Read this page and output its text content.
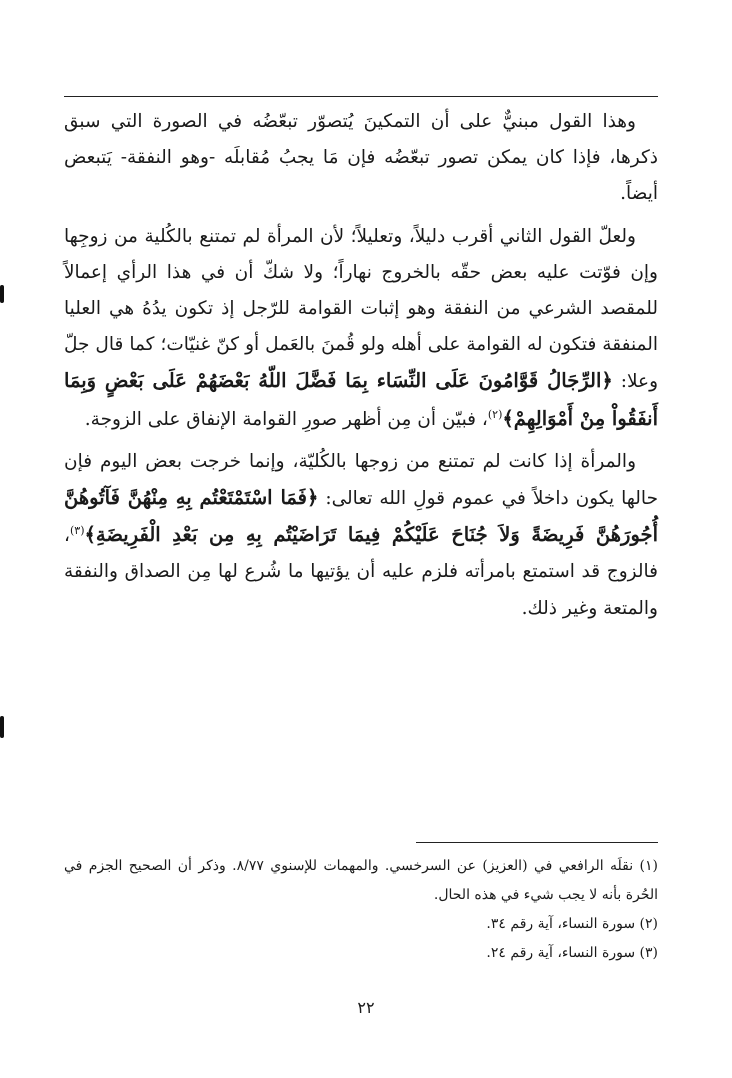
وهذا القول مبنيٌّ على أن التمكينَ يُتصوّر تبعّضُه في الصورة التي سبق ذكرها، فإذا كان يمكن تصور تبعّضُه فإن مَا يجبُ مُقابلَه -وهو النفقة- يَتبعض أيضاً.

ولعلّ القول الثاني أقرب دليلاً، وتعليلاً؛ لأن المرأة لم تمتنع بالكُلية من زوجِها وإن فوّتت عليه بعض حقّه بالخروج نهاراً؛ ولا شكّ أن في هذا الرأي إعمالاً للمقصد الشرعي من النفقة وهو إثبات القوامة للرّجل إذ تكون يدُهُ هي العليا المنفقة فتكون له القوامة على أهله ولو قُمنَ بالعَمل أو كنّ غنيّات؛ كما قال جلّ وعلا: ﴿الرِّجَالُ قَوَّامُونَ عَلَى النِّسَاء بِمَا فَضَّلَ اللّهُ بَعْضَهُمْ عَلَى بَعْضٍ وَبِمَا أَنفَقُواْ مِنْ أَمْوَالِهِمْ﴾$^{(٢)}$، فبيّن أن مِن أظهر صورِ القوامة الإنفاق على الزوجة.

والمرأة إذا كانت لم تمتنع من زوجها بالكُليّة، وإنما خرجت بعض اليوم فإن حالها يكون داخلاً في عموم قولِ الله تعالى: ﴿فَمَا اسْتَمْتَعْتُم بِهِ مِنْهُنَّ فَآتُوهُنَّ أُجُورَهُنَّ فَرِيضَةً وَلاَ جُنَاحَ عَلَيْكُمْ فِيمَا تَرَاضَيْتُم بِهِ مِن بَعْدِ الْفَرِيضَةِ﴾$^{(٣)}$، فالزوج قد استمتع بامرأته فلزم عليه أن يؤتيها ما شُرع لها مِن الصداق والنفقة والمتعة وغير ذلك.

(١) نقلَه الرافعي في (العزيز) عن السرخسي. والمهمات للإسنوي ٨/٧٧. وذكر أن الصحيح الجزم في الحُرة بأنه لا يجب شيء في هذه الحال.

(٢) سورة النساء، آية رقم ٣٤.

(٣) سورة النساء، آية رقم ٢٤.

٢٢
